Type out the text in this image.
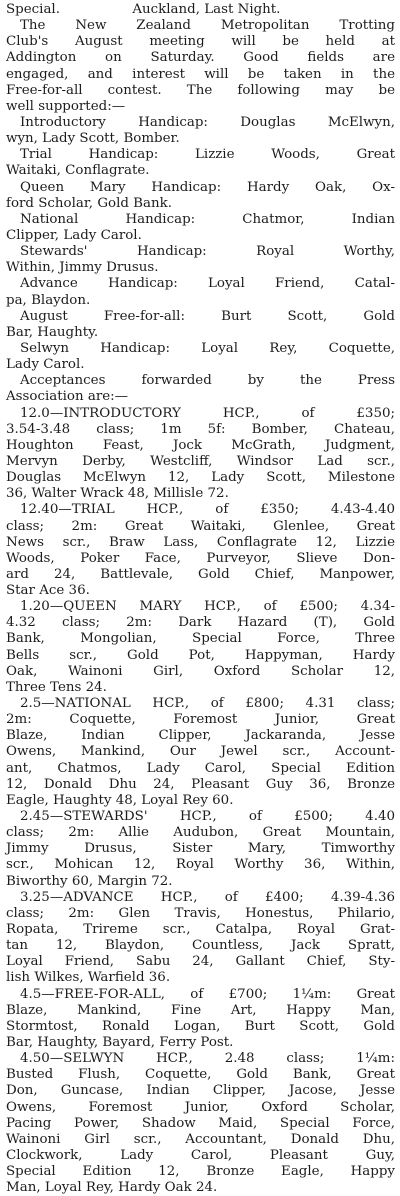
Special.                 Auckland, Last Night.
The New Zealand Metropolitan Trotting
Club's August meeting will be held at
Addington on Saturday. Good fields are
engaged, and interest will be taken in the
Free-for-all contest. The following may be
well supported:—
Introductory Handicap: Douglas McElwyn,
wyn, Lady Scott, Bomber.
Trial Handicap: Lizzie Woods, Great
Waitaki, Conflagrate.
Queen Mary Handicap: Hardy Oak, Ox-
ford Scholar, Gold Bank.
National Handicap: Chatmor, Indian
Clipper, Lady Carol.
Stewards' Handicap: Royal Worthy,
Within, Jimmy Drusus.
Advance Handicap: Loyal Friend, Catal-
pa, Blaydon.
August Free-for-all: Burt Scott, Gold
Bar, Haughty.
Selwyn Handicap: Loyal Rey, Coquette,
Lady Carol.
Acceptances forwarded by the Press
Association are:—
12.0—INTRODUCTORY HCP., of £350;
3.54-3.48 class; 1m 5f: Bomber, Chateau,
Houghton Feast, Jock McGrath, Judgment,
Mervyn Derby, Westcliff, Windsor Lad scr.,
Douglas McElwyn 12, Lady Scott, Milestone
36, Walter Wrack 48, Millisle 72.
12.40—TRIAL HCP., of £350; 4.43-4.40
class; 2m: Great Waitaki, Glenlee, Great
News scr., Braw Lass, Conflagrate 12, Lizzie
Woods, Poker Face, Purveyor, Slieve Don-
ard 24, Battlevale, Gold Chief, Manpower,
Star Ace 36.
1.20—QUEEN MARY HCP., of £500; 4.34-
4.32 class; 2m: Dark Hazard (T), Gold
Bank, Mongolian, Special Force, Three
Bells scr., Gold Pot, Happyman, Hardy
Oak, Wainoni Girl, Oxford Scholar 12,
Three Tens 24.
2.5—NATIONAL HCP., of £800; 4.31 class;
2m: Coquette, Foremost Junior, Great
Blaze, Indian Clipper, Jackaranda, Jesse
Owens, Mankind, Our Jewel scr., Account-
ant, Chatmos, Lady Carol, Special Edition
12, Donald Dhu 24, Pleasant Guy 36, Bronze
Eagle, Haughty 48, Loyal Rey 60.
2.45—STEWARDS' HCP., of £500; 4.40
class; 2m: Allie Audubon, Great Mountain,
Jimmy Drusus, Sister Mary, Timworthy
scr., Mohican 12, Royal Worthy 36, Within,
Biworthy 60, Margin 72.
3.25—ADVANCE HCP., of £400; 4.39-4.36
class; 2m: Glen Travis, Honestus, Philario,
Ropata, Trireme scr., Catalpa, Royal Grat-
tan 12, Blaydon, Countless, Jack Spratt,
Loyal Friend, Sabu 24, Gallant Chief, Sty-
lish Wilkes, Warfield 36.
4.5—FREE-FOR-ALL, of £700; 1¼m: Great
Blaze, Mankind, Fine Art, Happy Man,
Stormtost, Ronald Logan, Burt Scott, Gold
Bar, Haughty, Bayard, Ferry Post.
4.50—SELWYN HCP., 2.48 class; 1¼m:
Busted Flush, Coquette, Gold Bank, Great
Don, Guncase, Indian Clipper, Jacose, Jesse
Owens, Foremost Junior, Oxford Scholar,
Pacing Power, Shadow Maid, Special Force,
Wainoni Girl scr., Accountant, Donald Dhu,
Clockwork, Lady Carol, Pleasant Guy,
Special Edition 12, Bronze Eagle, Happy
Man, Loyal Rey, Hardy Oak 24.
